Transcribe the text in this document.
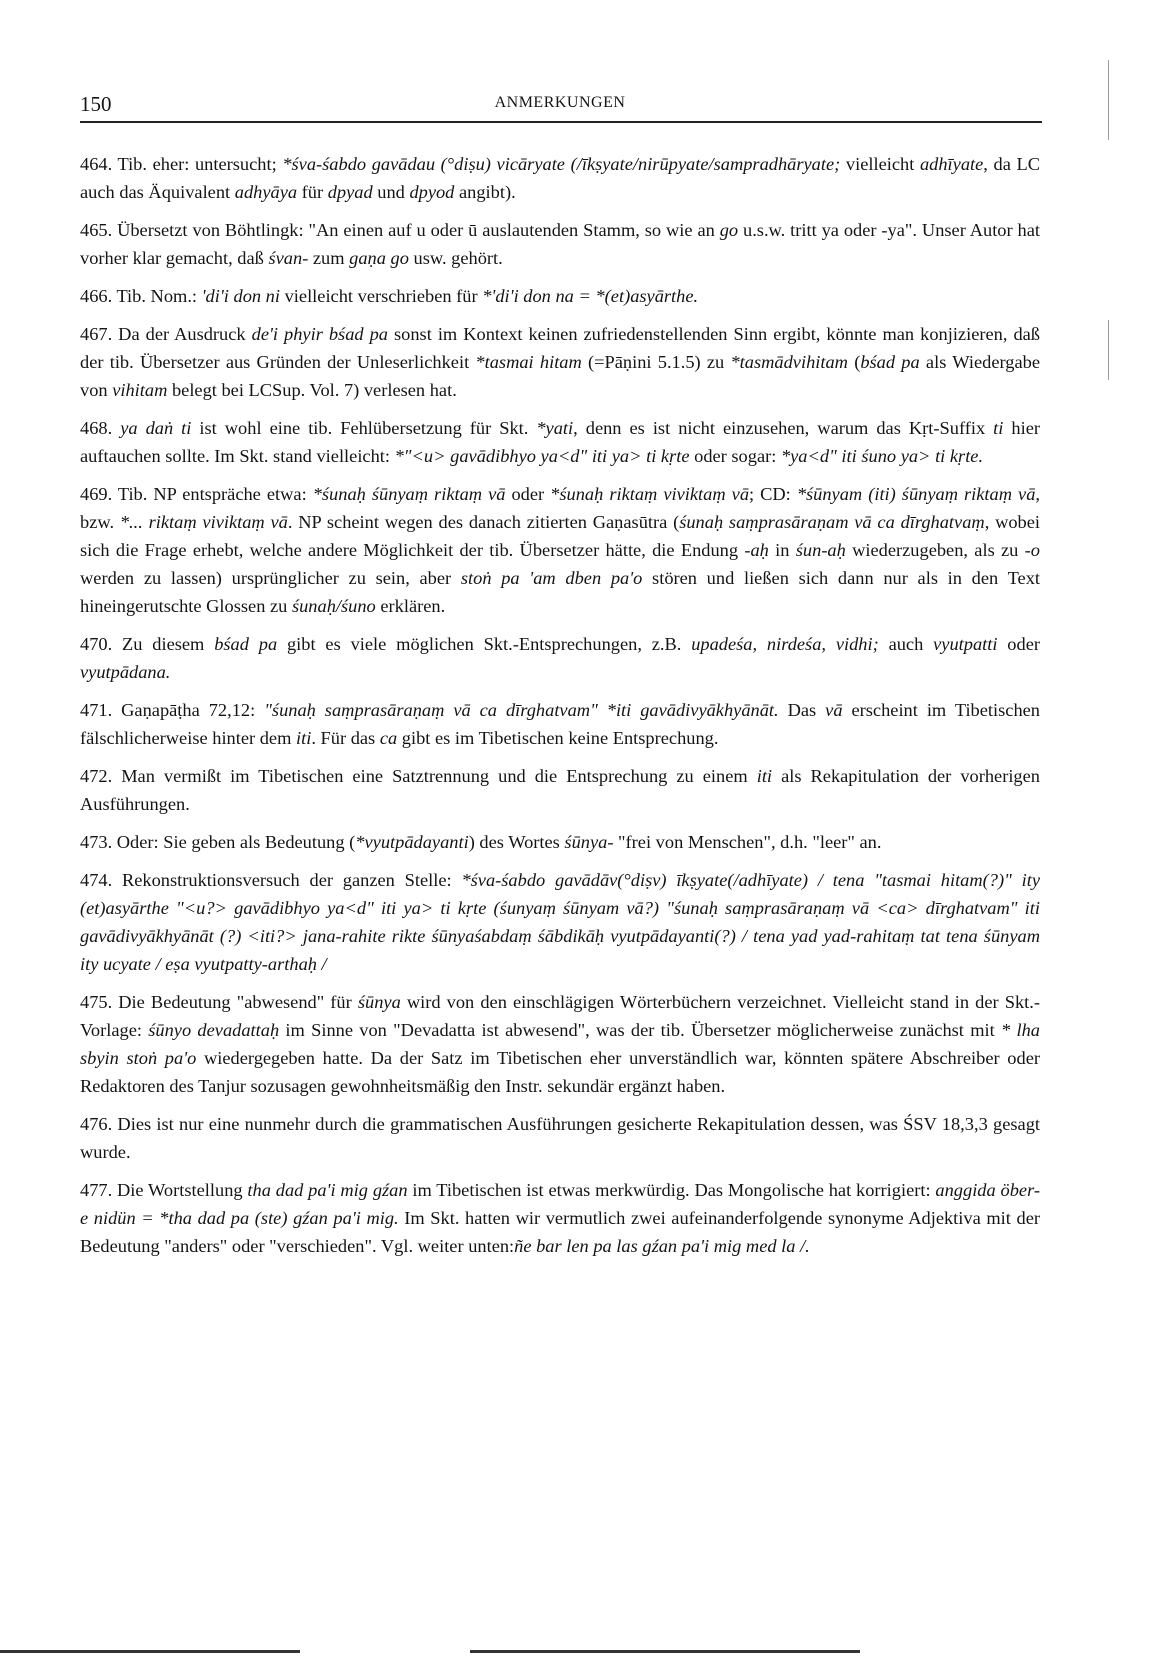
150	ANMERKUNGEN

464. Tib. eher: untersucht; *śva-śabdo gavādau (°diṣu) vicāryate (/īkṣyate/nirūpyate/sampradhāryate; vielleicht adhīyate, da LC auch das Äquivalent adhyāya für dpyad und dpyod angibt).

465. Übersetzt von Böhtlingk: "An einen auf u oder ū auslautenden Stamm, so wie an go u.s.w. tritt ya oder -ya". Unser Autor hat vorher klar gemacht, daß śvan- zum gaṇa go usw. gehört.

466. Tib. Nom.: 'di'i don ni vielleicht verschrieben für *'di'i don na = *(et)asyārthe.

467. Da der Ausdruck de'i phyir bśad pa sonst im Kontext keinen zufriedenstellenden Sinn ergibt, könnte man konjizieren, daß der tib. Übersetzer aus Gründen der Unleserlichkeit *tasmai hitam (=Pāṇini 5.1.5) zu *tasmādvihitam (bśad pa als Wiedergabe von vihitam belegt bei LCSup. Vol. 7) verlesen hat.

468. ya daṅ ti ist wohl eine tib. Fehlübersetzung für Skt. *yati, denn es ist nicht einzusehen, warum das Kṛt-Suffix ti hier auftauchen sollte. Im Skt. stand vielleicht: *"<u> gavādibhyo ya<d" iti ya> ti kṛte oder sogar: *ya<d" iti śuno ya> ti kṛte.

469. Tib. NP entspräche etwa: *śunaḥ śūnyaṃ riktaṃ vā oder *śunaḥ riktaṃ viviktaṃ vā; CD: *śūnyam (iti) śūnyaṃ riktaṃ vā, bzw. *... riktaṃ viviktaṃ vā. NP scheint wegen des danach zitierten Gaṇasūtra (śunaḥ saṃprasāraṇam vā ca dīrghatvaṃ, wobei sich die Frage erhebt, welche andere Möglichkeit der tib. Übersetzer hätte, die Endung -aḥ in śun-aḥ wiederzugeben, als zu -o werden zu lassen) ursprünglicher zu sein, aber stoṅ pa 'am dben pa'o stören und ließen sich dann nur als in den Text hineingerutschte Glossen zu śunaḥ/śuno erklären.

470. Zu diesem bśad pa gibt es viele möglichen Skt.-Entsprechungen, z.B. upadeśa, nirdeśa, vidhi; auch vyutpatti oder vyutpādana.

471. Gaṇapāṭha 72,12: "śunaḥ saṃprasāraṇaṃ vā ca dīrghatvam" *iti gavādivyākhyānāt. Das vā erscheint im Tibetischen fälschlicherweise hinter dem iti. Für das ca gibt es im Tibetischen keine Entsprechung.

472. Man vermißt im Tibetischen eine Satztrennung und die Entsprechung zu einem iti als Rekapitulation der vorherigen Ausführungen.

473. Oder: Sie geben als Bedeutung (*vyutpādayanti) des Wortes śūnya- "frei von Menschen", d.h. "leer" an.

474. Rekonstruktionsversuch der ganzen Stelle: *śva-śabdo gavādāv(°diṣv) īkṣyate(/adhīyate) / tena "tasmai hitam(?)" ity (et)asyārthe "<u?> gavādibhyo ya<d" iti ya> ti kṛte (śunyaṃ śūnyam vā?) "śunaḥ saṃprasāraṇaṃ vā <ca> dīrghatvam" iti gavādivyākhyānāt (?) <iti?> jana-rahite rikte śūnyaśabdaṃ śābdikāḥ vyutpādayanti(?) / tena yad yad-rahitaṃ tat tena śūnyam ity ucyate / eṣa vyutpatty-arthaḥ /

475. Die Bedeutung "abwesend" für śūnya wird von den einschlägigen Wörterbüchern verzeichnet. Vielleicht stand in der Skt.-Vorlage: śūnyo devadattaḥ im Sinne von "Devadatta ist abwesend", was der tib. Übersetzer möglicherweise zunächst mit * lha sbyin stoṅ pa'o wiedergegeben hatte. Da der Satz im Tibetischen eher unverständlich war, könnten spätere Abschreiber oder Redaktoren des Tanjur sozusagen gewohnheitsmäßig den Instr. sekundär ergänzt haben.

476. Dies ist nur eine nunmehr durch die grammatischen Ausführungen gesicherte Rekapitulation dessen, was ŚSV 18,3,3 gesagt wurde.

477. Die Wortstellung tha dad pa'i mig gźan im Tibetischen ist etwas merkwürdig. Das Mongolische hat korrigiert: anggida öber-e nidün = *tha dad pa (ste) gźan pa'i mig. Im Skt. hatten wir vermutlich zwei aufeinanderfolgende synonyme Adjektiva mit der Bedeutung "anders" oder "verschieden". Vgl. weiter unten:ñe bar len pa las gźan pa'i mig med la /.
